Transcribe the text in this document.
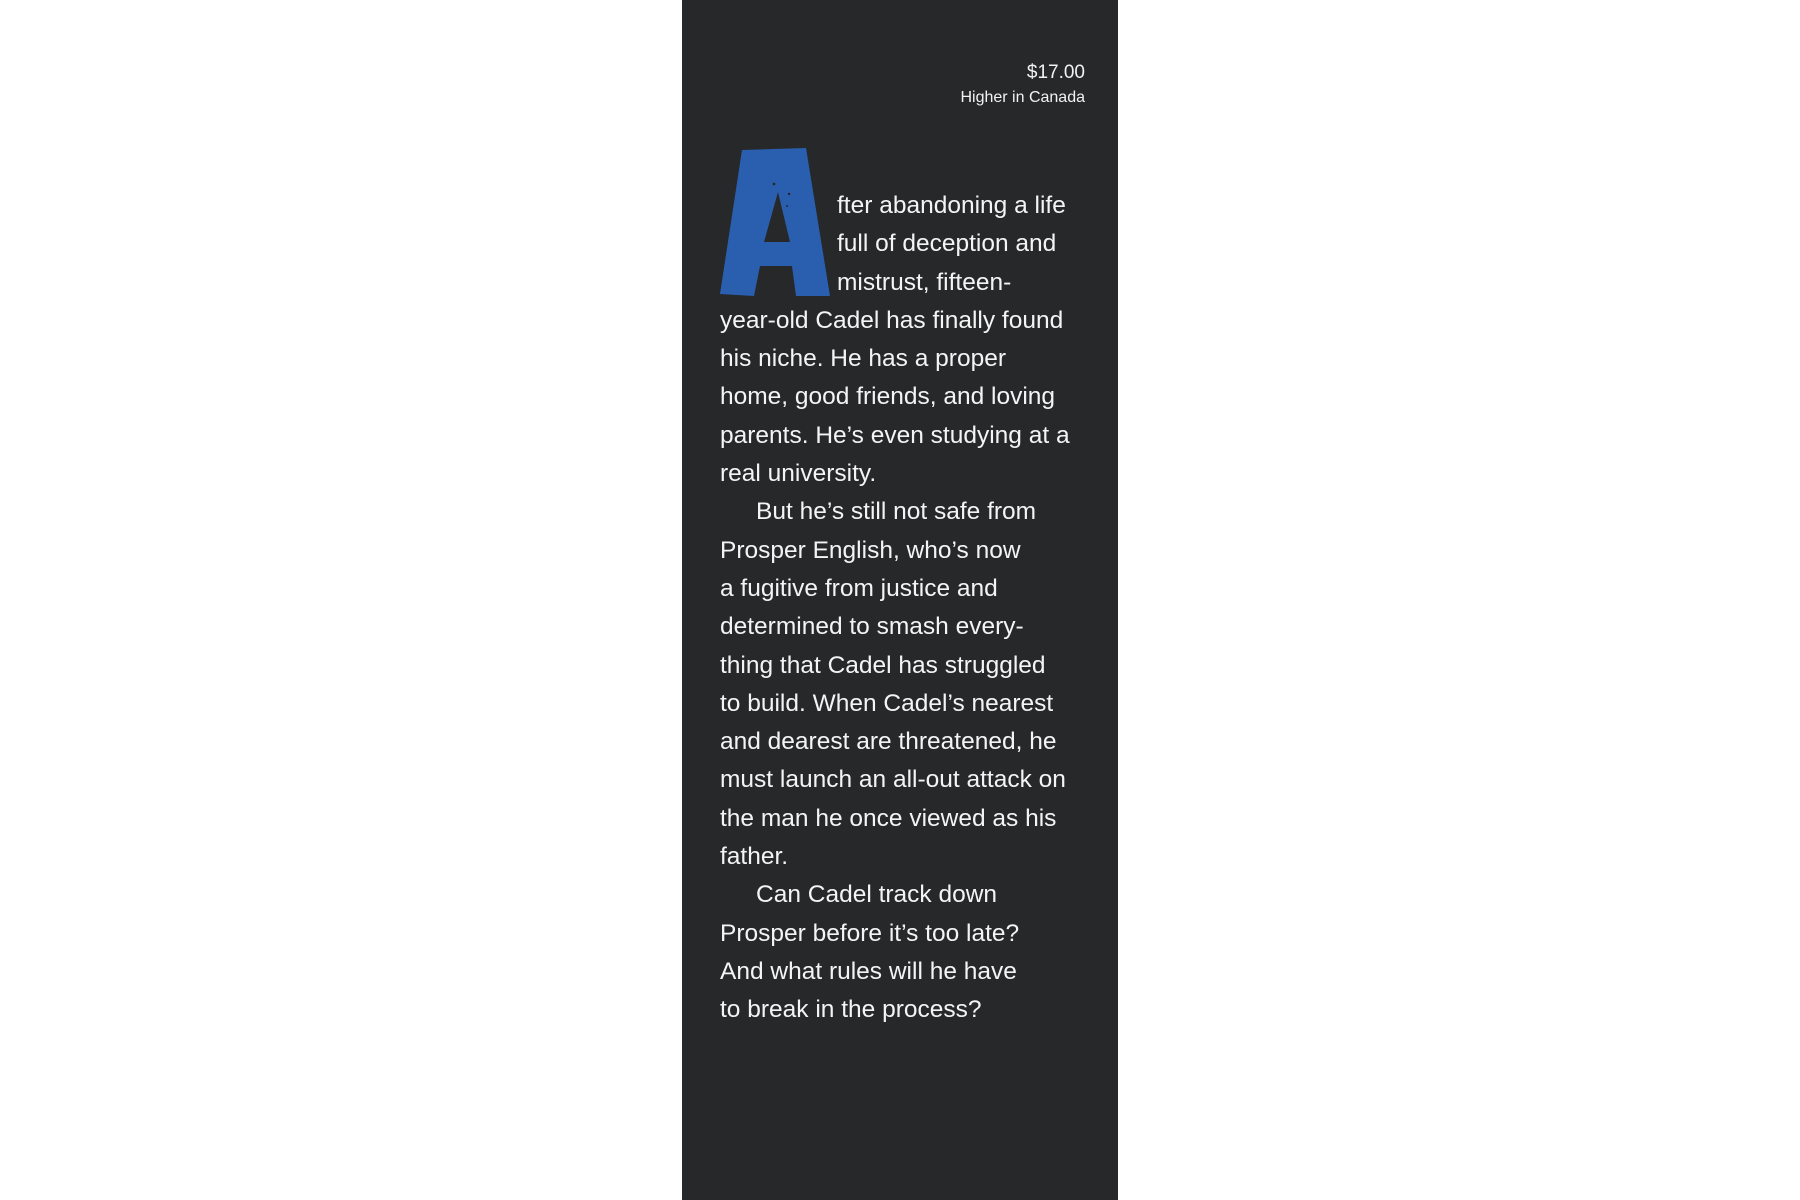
$17.00
Higher in Canada
fter abandoning a life
full of deception and
mistrust, fifteen-
year-old Cadel has finally found
his niche. He has a proper
home, good friends, and loving
parents. He’s even studying at a
real university.
But he’s still not safe from
Prosper English, who’s now
a fugitive from justice and
determined to smash every-
thing that Cadel has struggled
to build. When Cadel’s nearest
and dearest are threatened, he
must launch an all-out attack on
the man he once viewed as his
father.
Can Cadel track down
Prosper before it’s too late?
And what rules will he have
to break in the process?
